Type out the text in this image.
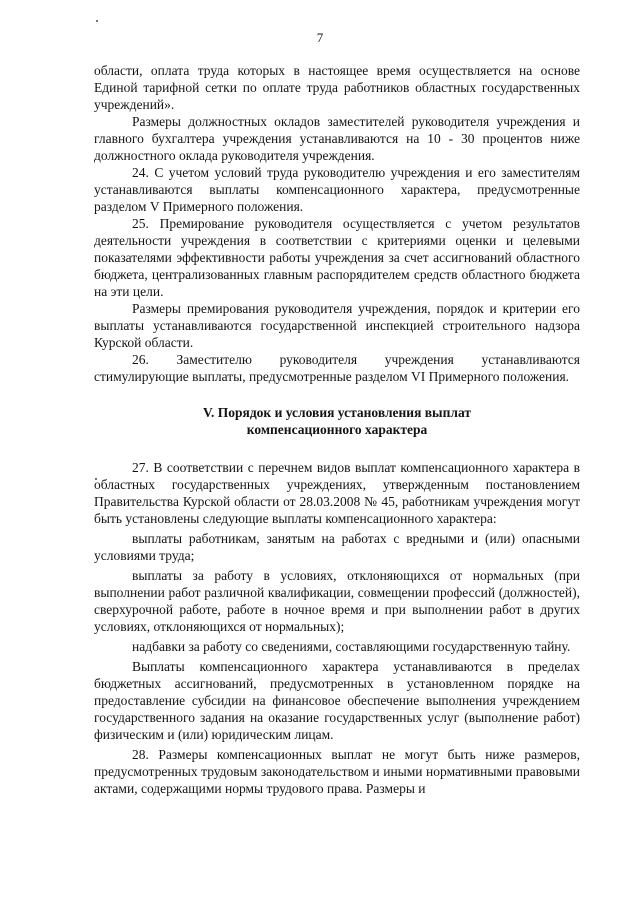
7

области, оплата труда которых в настоящее время осуществляется на основе Единой тарифной сетки по оплате труда работников областных государственных учреждений».

Размеры должностных окладов заместителей руководителя учреждения и главного бухгалтера учреждения устанавливаются на 10 - 30 процентов ниже должностного оклада руководителя учреждения.

24. С учетом условий труда руководителю учреждения и его заместителям устанавливаются выплаты компенсационного характера, предусмотренные разделом V Примерного положения.

25. Премирование руководителя осуществляется с учетом результатов деятельности учреждения в соответствии с критериями оценки и целевыми показателями эффективности работы учреждения за счет ассигнований областного бюджета, централизованных главным распорядителем средств областного бюджета на эти цели.

Размеры премирования руководителя учреждения, порядок и критерии его выплаты устанавливаются государственной инспекцией строительного надзора Курской области.

26. Заместителю руководителя учреждения устанавливаются стимулирующие выплаты, предусмотренные разделом VI Примерного положения.

V. Порядок и условия установления выплат
компенсационного характера

27. В соответствии с перечнем видов выплат компенсационного характера в областных государственных учреждениях, утвержденным постановлением Правительства Курской области от 28.03.2008 № 45, работникам учреждения могут быть установлены следующие выплаты компенсационного характера:

выплаты работникам, занятым на работах с вредными и (или) опасными условиями труда;

выплаты за работу в условиях, отклоняющихся от нормальных (при выполнении работ различной квалификации, совмещении профессий (должностей), сверхурочной работе, работе в ночное время и при выполнении работ в других условиях, отклоняющихся от нормальных);

надбавки за работу со сведениями, составляющими государственную тайну.

Выплаты компенсационного характера устанавливаются в пределах бюджетных ассигнований, предусмотренных в установленном порядке на предоставление субсидии на финансовое обеспечение выполнения учреждением государственного задания на оказание государственных услуг (выполнение работ) физическим и (или) юридическим лицам.

28. Размеры компенсационных выплат не могут быть ниже размеров, предусмотренных трудовым законодательством и иными нормативными правовыми актами, содержащими нормы трудового права. Размеры и
